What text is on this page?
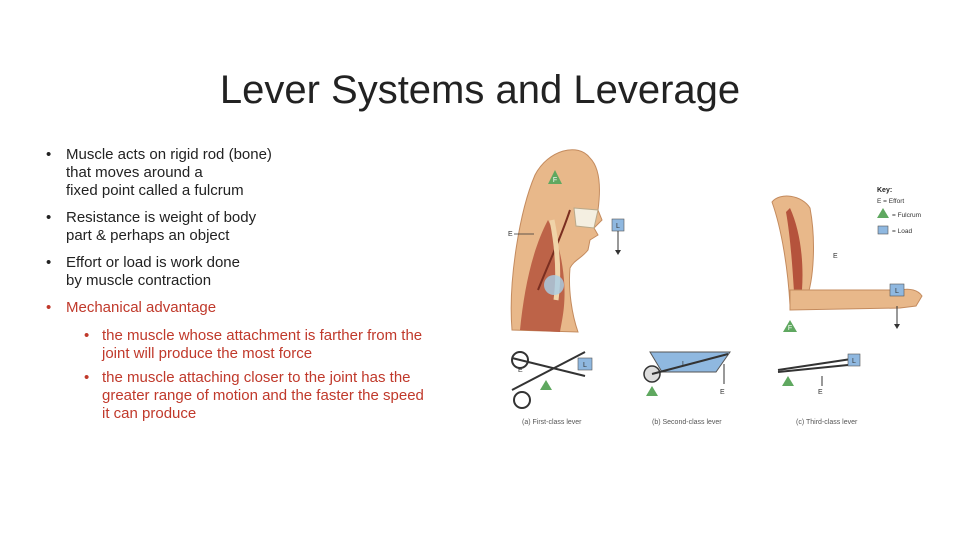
Lever Systems and Leverage
• Muscle acts on rigid rod (bone)
that moves around a
fixed point called a fulcrum
• Resistance is weight of body
part & perhaps an object
• Effort or load is work done
by muscle contraction
• Mechanical advantage
• the muscle whose attachment is farther from the
joint will produce the most force
• the muscle attaching closer to the joint has the
greater range of motion and the faster the speed
it can produce
F
L
E
Key:
E = Effort
= Fulcrum
= Load
L
F
E
L
E
(a) First-class lever
L
E
(b) Second-class lever
L
E
(c) Third-class lever
